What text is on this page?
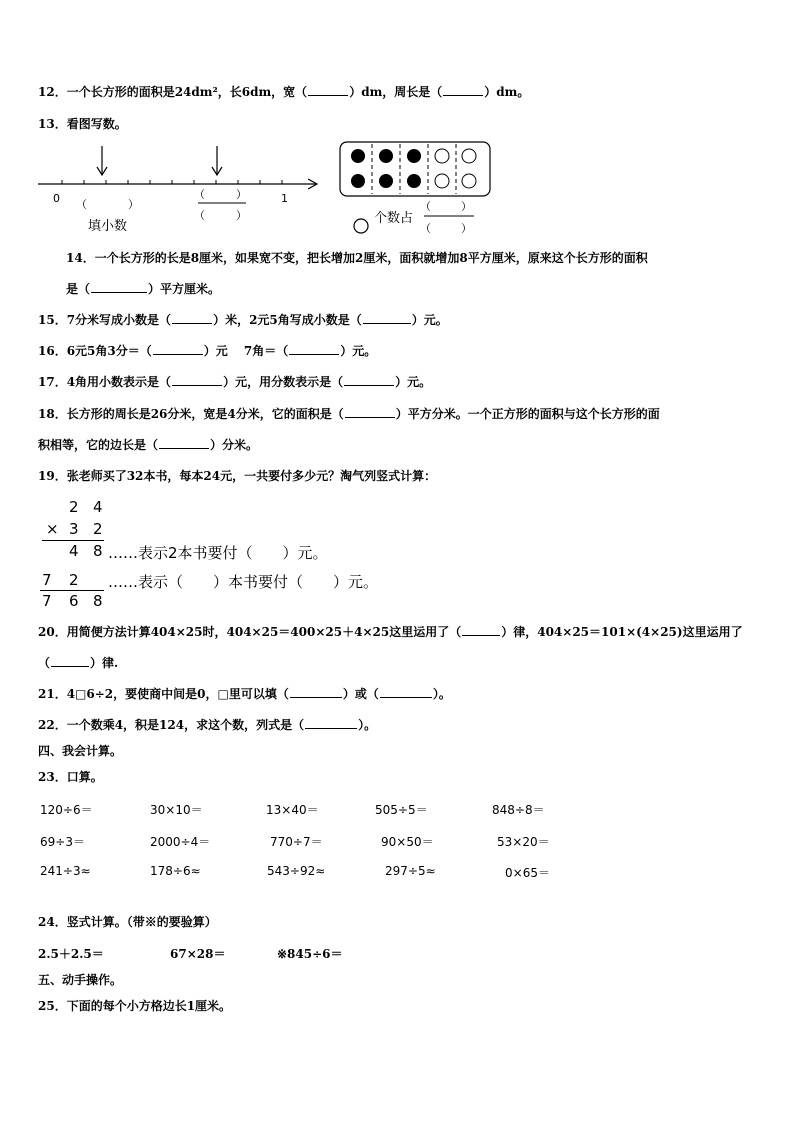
12．一个长方形的面积是24dm²，长6dm，宽（	）dm，周长是（	）dm。
13．看图写数。
0	1
（	）
填小数
（	）
（	）	个数占
（	）
（	）
14．一个长方形的长是8厘米，如果宽不变，把长增加2厘米，面积就增加8平方厘米，原来这个长方形的面积
是（	）平方厘米。
15．7分米写成小数是（	）米，2元5角写成小数是（	）元。
16．6元5角3分＝（	）元　 7角＝（	）元。
17．4角用小数表示是（	）元，用分数表示是（	）元。
18．长方形的周长是26分米，宽是4分米，它的面积是（	）平方分米。一个正方形的面积与这个长方形的面
积相等，它的边长是（	）分米。
19．张老师买了32本书，每本24元，一共要付多少元？淘气列竖式计算：
2 4
× 3 2
4 8 ……表示2本书要付（　　）元。
7 2 ……表示（　　）本书要付（　　）元。
7 6 8
20．用简便方法计算404×25时，404×25＝400×25＋4×25这里运用了（	）律，404×25＝101×(4×25)这里运用了
（	）律.
21．4□6÷2，要使商中间是0，□里可以填（	）或（	）。
22．一个数乘4，积是124，求这个数，列式是（	）。
四、我会计算。
23．口算。
120÷6＝	30×10＝	13×40＝	505÷5＝	848÷8＝
69÷3＝	2000÷4＝	770÷7＝	90×50＝	53×20＝
241÷3≈	178÷6≈	543÷92≈	297÷5≈	0×65＝
24．竖式计算。（带※的要验算）
2.5＋2.5＝	67×28＝	※845÷6＝
五、动手操作。
25．下面的每个小方格边长1厘米。
